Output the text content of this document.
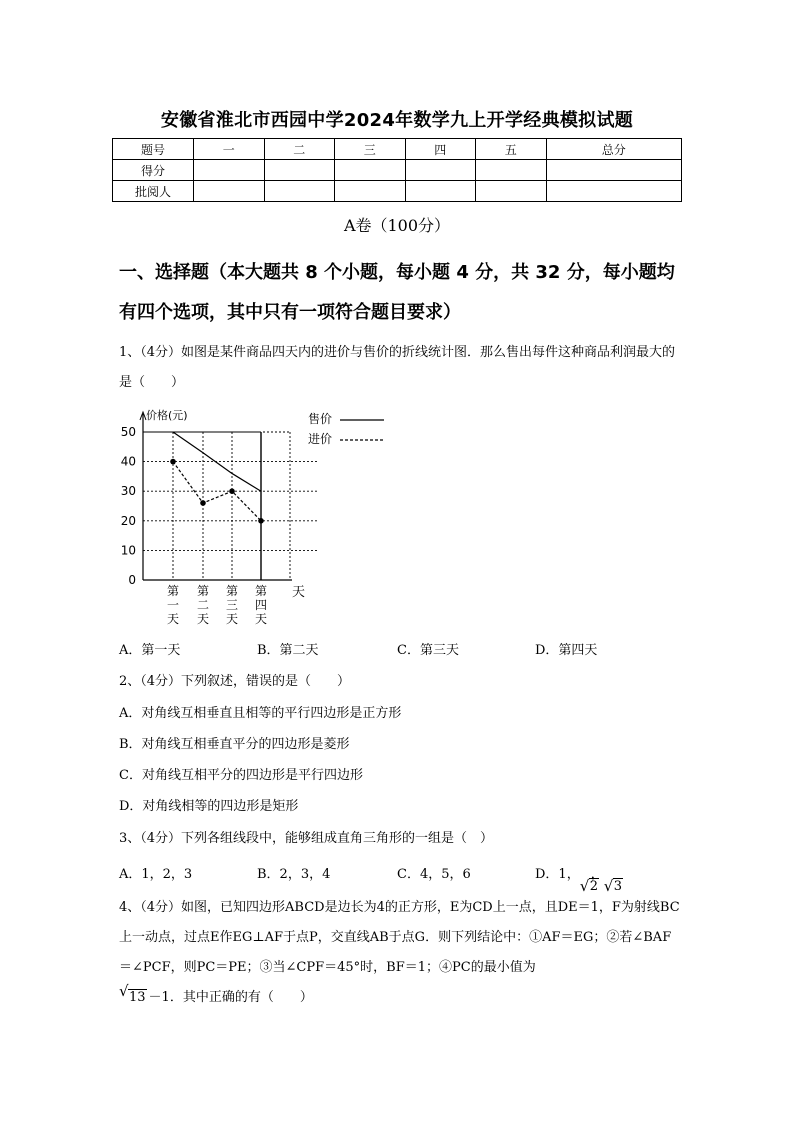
安徽省淮北市西园中学2024年数学九上开学经典模拟试题
题号	一	二	三	四	五	总分
得分						
批阅人						
A卷（100分）
一、选择题（本大题共 8 个小题，每小题 4 分，共 32 分，每小题均有四个选项，其中只有一项符合题目要求）
1、（4分）如图是某件商品四天内的进价与售价的折线统计图．那么售出每件这种商品利润最大的是（　　）
价格(元)
天
0
10
20
30
40
50
第
一
天
第
二
天
第
三
天
第
四
天
售价
进价
A．第一天	B．第二天	C．第三天	D．第四天
2、（4分）下列叙述，错误的是（　　）
A．对角线互相垂直且相等的平行四边形是正方形
B．对角线互相垂直平分的四边形是菱形
C．对角线互相平分的四边形是平行四边形
D．对角线相等的四边形是矩形
3、（4分）下列各组线段中，能够组成直角三角形的一组是（　）
A．1，2，3	B．2，3，4	C．4，5，6	D．1，
√ 2
，
√ 3
4、（4分）如图，已知四边形ABCD是边长为4的正方形，E为CD上一点，且DE＝1，F为射线BC上一动点，过点E作EG⊥AF于点P，交直线AB于点G．则下列结论中：①AF＝EG；②若∠BAF＝∠PCF，则PC＝PE；③当∠CPF＝45°时，BF＝1；④PC的最小值为

√ 13 －1．其中正确的有（　　）
